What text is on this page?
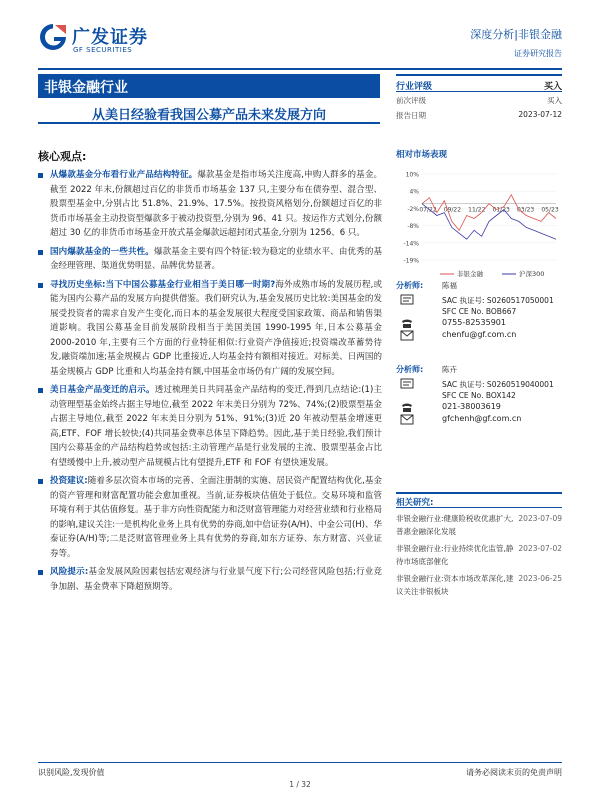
广发证券
GF SECURITIES
深度分析|非银金融
证券研究报告
非银金融行业
从美日经验看我国公募产品未来发展方向
核心观点:
从爆款基金分布看行业产品结构特征。爆款基金是指市场关注度高,申购人群多的基金。截至 2022 年末,份额超过百亿的非货币市场基金 137 只,主要分布在债券型、混合型、股票型基金中,分别占比 51.8%、21.9%、17.5%。按投资风格划分,份额超过百亿的非货币市场基金主动投资型爆款多于被动投资型,分别为 96、41 只。按运作方式划分,份额超过 30 亿的非货币市场基金开放式基金爆款远超封闭式基金,分别为 1256、6 只。
国内爆款基金的一些共性。爆款基金主要有四个特征:较为稳定的业绩水平、由优秀的基金经理管理、渠道优势明显、品牌优势显著。
寻找历史坐标:当下中国公募基金行业相当于美日哪一时期?海外成熟市场的发展历程,或能为国内公募产品的发展方向提供借鉴。我们研究认为,基金发展历史比较:美国基金的发展受投资者的需求自发产生变化,而日本的基金发展很大程度受国家政策、商品和销售渠道影响。我国公募基金目前发展阶段相当于美国美国 1990-1995 年,日本公募基金 2000-2010 年,主要有三个方面的行业特征相似:行业资产净值接近;投资端改革蓄势待发,融资端加速;基金规模占 GDP 比重接近,人均基金持有额相对接近。对标美、日两国的基金规模占 GDP 比重和人均基金持有额,中国基金市场仍有广阔的发展空间。
美日基金产品变迁的启示。透过梳理美日共同基金产品结构的变迁,得到几点结论:(1)主动管理型基金始终占据主导地位,截至 2022 年末美日分别为 72%、74%;(2)股票型基金占据主导地位,截至 2022 年末美日分别为 51%、91%;(3)近 20 年被动型基金增速更高,ETF、FOF 增长较快;(4)共同基金费率总体呈下降趋势。因此,基于美日经验,我们预计国内公募基金的产品结构趋势或包括:主动管理产品是行业发展的主流、股票型基金占比有望缓慢中上升,被动型产品规模占比有望提升,ETF 和 FOF 有望快速发展。
投资建议:随着多层次资本市场的完善、全面注册制的实施、居民资产配置结构优化,基金的资产管理和财富配置功能会愈加重视。当前,证券板块估值处于低位。交易环境和监管环境有利于其估值修复。基于非方向性资配能力和泛财富管理能力对经营业绩和行业格局的影响,建议关注:一是机构化业务上具有优势的券商,如中信证券(A/H)、中金公司(H)、华泰证券(A/H)等;二是泛财富管理业务上具有优势的券商,如东方证券、东方财富、兴业证券等。
风险提示:基金发展风险因素包括宏观经济与行业景气度下行;公司经营风险包括;行业竞争加剧、基金费率下降超预期等。
行业评级	买入
前次评级	买入
报告日期	2023-07-12
相对市场表现
10%
4%
-2%
-8%
-14%
-19%
07/22 09/22 11/22 01/23 03/23 05/23
非银金融	沪深300
分析师:	陈福
SAC 执证号: S0260517050001
SFC CE No. BOB667
0755-82535901
chenfu@gf.com.cn
分析师:	陈卉
SAC 执证号: S0260519040001
SFC CE No. BOX142
021-38003619
gfchenh@gf.com.cn
相关研究:
非银金融行业:健康险税收优惠扩大,普惠金融深化发展
2023-07-09
非银金融行业:行业持续优化监管,静待市场底部催化
2023-07-02
非银金融行业:资本市场改革深化,建议关注非银板块
2023-06-25
识别风险,发现价值	请务必阅读末页的免责声明
1 / 32
